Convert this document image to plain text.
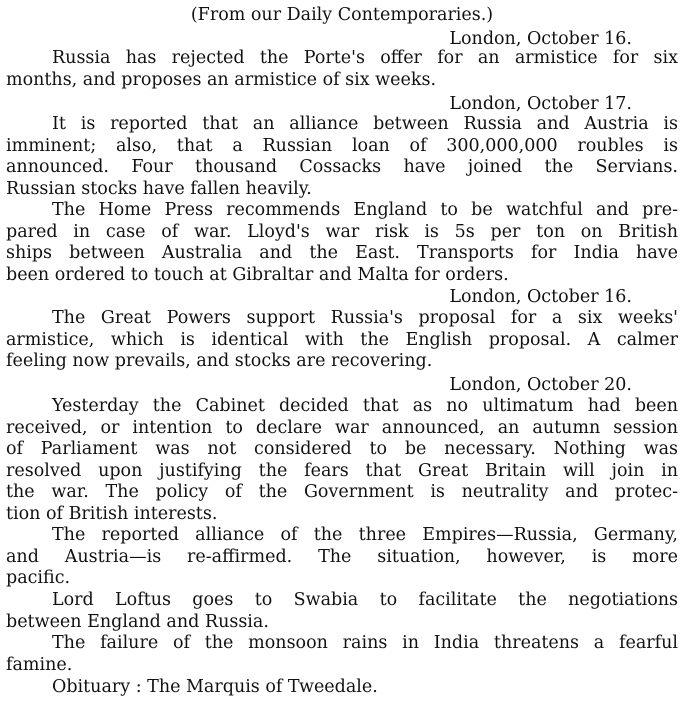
(From our Daily Contemporaries.)
London, October 16.
Russia has rejected the Porte's offer for an armistice for six
months, and proposes an armistice of six weeks.
London, October 17.
It is reported that an alliance between Russia and Austria is
imminent; also, that a Russian loan of 300,000,000 roubles is
announced. Four thousand Cossacks have joined the Servians.
Russian stocks have fallen heavily.
The Home Press recommends England to be watchful and pre-
pared in case of war. Lloyd's war risk is 5s per ton on British
ships between Australia and the East. Transports for India have
been ordered to touch at Gibraltar and Malta for orders.
London, October 16.
The Great Powers support Russia's proposal for a six weeks'
armistice, which is identical with the English proposal. A calmer
feeling now prevails, and stocks are recovering.
London, October 20.
Yesterday the Cabinet decided that as no ultimatum had been
received, or intention to declare war announced, an autumn session
of Parliament was not considered to be necessary. Nothing was
resolved upon justifying the fears that Great Britain will join in
the war. The policy of the Government is neutrality and protec-
tion of British interests.
The reported alliance of the three Empires—Russia, Germany,
and Austria—is re-affirmed. The situation, however, is more
pacific.
Lord Loftus goes to Swabia to facilitate the negotiations
between England and Russia.
The failure of the monsoon rains in India threatens a fearful
famine.
Obituary : The Marquis of Tweedale.
